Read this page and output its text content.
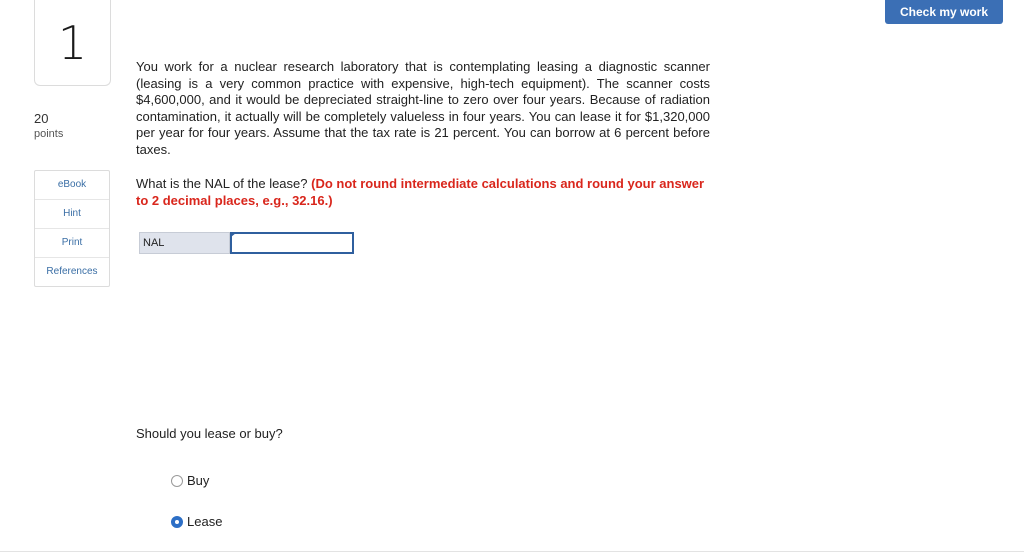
Check my work
1
20
points
eBook
Hint
Print
References
You work for a nuclear research laboratory that is contemplating leasing a diagnostic scanner (leasing is a very common practice with expensive, high-tech equipment). The scanner costs $4,600,000, and it would be depreciated straight-line to zero over four years. Because of radiation contamination, it actually will be completely valueless in four years. You can lease it for $1,320,000 per year for four years. Assume that the tax rate is 21 percent. You can borrow at 6 percent before taxes.
What is the NAL of the lease? (Do not round intermediate calculations and round your answer to 2 decimal places, e.g., 32.16.)
NAL
Should you lease or buy?
Buy
Lease
